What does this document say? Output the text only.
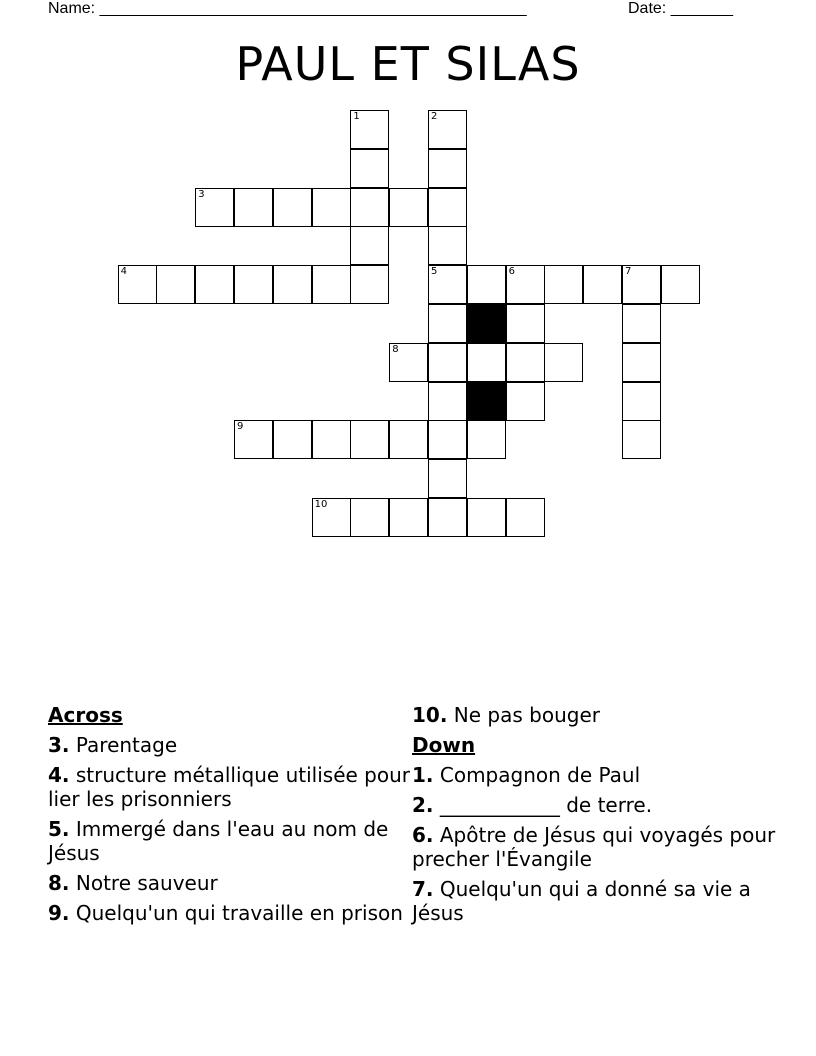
Name: ________________________________________________	Date: _______
PAUL ET SILAS
1	2
3
4	5	6	7
8
9
10
Across
3. Parentage
4. structure métallique utilisée pour lier les prisonniers
5. Immergé dans l'eau au nom de Jésus
8. Notre sauveur
9. Quelqu'un qui travaille en prison
10. Ne pas bouger
Down
1. Compagnon de Paul
2. ____________ de terre.
6. Apôtre de Jésus qui voyagés pour precher l'Évangile
7. Quelqu'un qui a donné sa vie a Jésus
